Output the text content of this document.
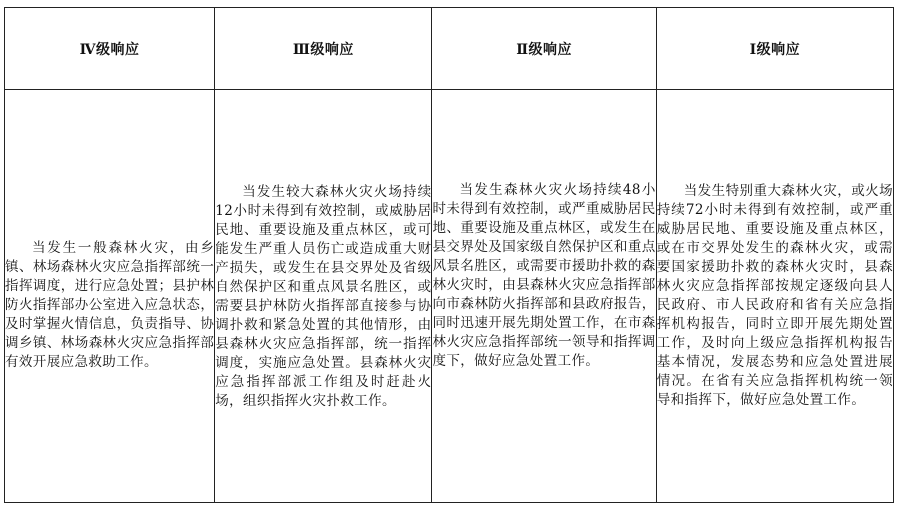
Ⅳ级响应	Ⅲ级响应	Ⅱ级响应	Ⅰ级响应

当发生一般森林火灾，由乡镇、林场森林火灾应急指挥部统一指挥调度，进行应急处置；县护林防火指挥部办公室进入应急状态，及时掌握火情信息，负责指导、协调乡镇、林场森林火灾应急指挥部有效开展应急救助工作。	当发生较大森林火灾火场持续12小时未得到有效控制，或威胁居民地、重要设施及重点林区，或可能发生严重人员伤亡或造成重大财产损失，或发生在县交界处及省级自然保护区和重点风景名胜区，或需要县护林防火指挥部直接参与协调扑救和紧急处置的其他情形，由县森林火灾应急指挥部，统一指挥调度，实施应急处置。县森林火灾应急指挥部派工作组及时赶赴火场，组织指挥火灾扑救工作。	当发生森林火灾火场持续48小时未得到有效控制，或严重威胁居民地、重要设施及重点林区，或发生在县交界处及国家级自然保护区和重点风景名胜区，或需要市援助扑救的森林火灾时，由县森林火灾应急指挥部向市森林防火指挥部和县政府报告，同时迅速开展先期处置工作，在市森林火灾应急指挥部统一领导和指挥调度下，做好应急处置工作。	当发生特别重大森林火灾，或火场持续72小时未得到有效控制，或严重威胁居民地、重要设施及重点林区，或在市交界处发生的森林火灾，或需要国家援助扑救的森林火灾时，县森林火灾应急指挥部按规定逐级向县人民政府、市人民政府和省有关应急指挥机构报告，同时立即开展先期处置工作，及时向上级应急指挥机构报告基本情况，发展态势和应急处置进展情况。在省有关应急指挥机构统一领导和指挥下，做好应急处置工作。
